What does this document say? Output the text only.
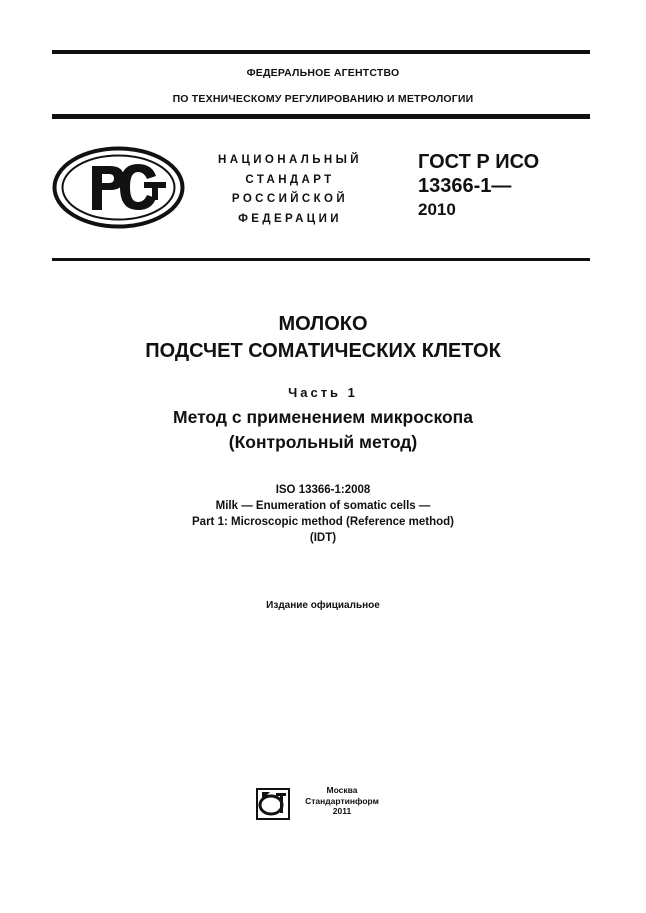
ФЕДЕРАЛЬНОЕ АГЕНТСТВО
ПО ТЕХНИЧЕСКОМУ РЕГУЛИРОВАНИЮ И МЕТРОЛОГИИ
НАЦИОНАЛЬНЫЙ
СТАНДАРТ
РОССИЙСКОЙ
ФЕДЕРАЦИИ
ГОСТ Р ИСО
13366-1—
2010
МОЛОКО
ПОДСЧЕТ СОМАТИЧЕСКИХ КЛЕТОК
Часть 1
Метод с применением микроскопа
(Контрольный метод)
ISO 13366-1:2008
Milk — Enumeration of somatic cells —
Part 1: Microscopic method (Reference method)
(IDT)
Издание официальное
Москва
Стандартинформ
2011
